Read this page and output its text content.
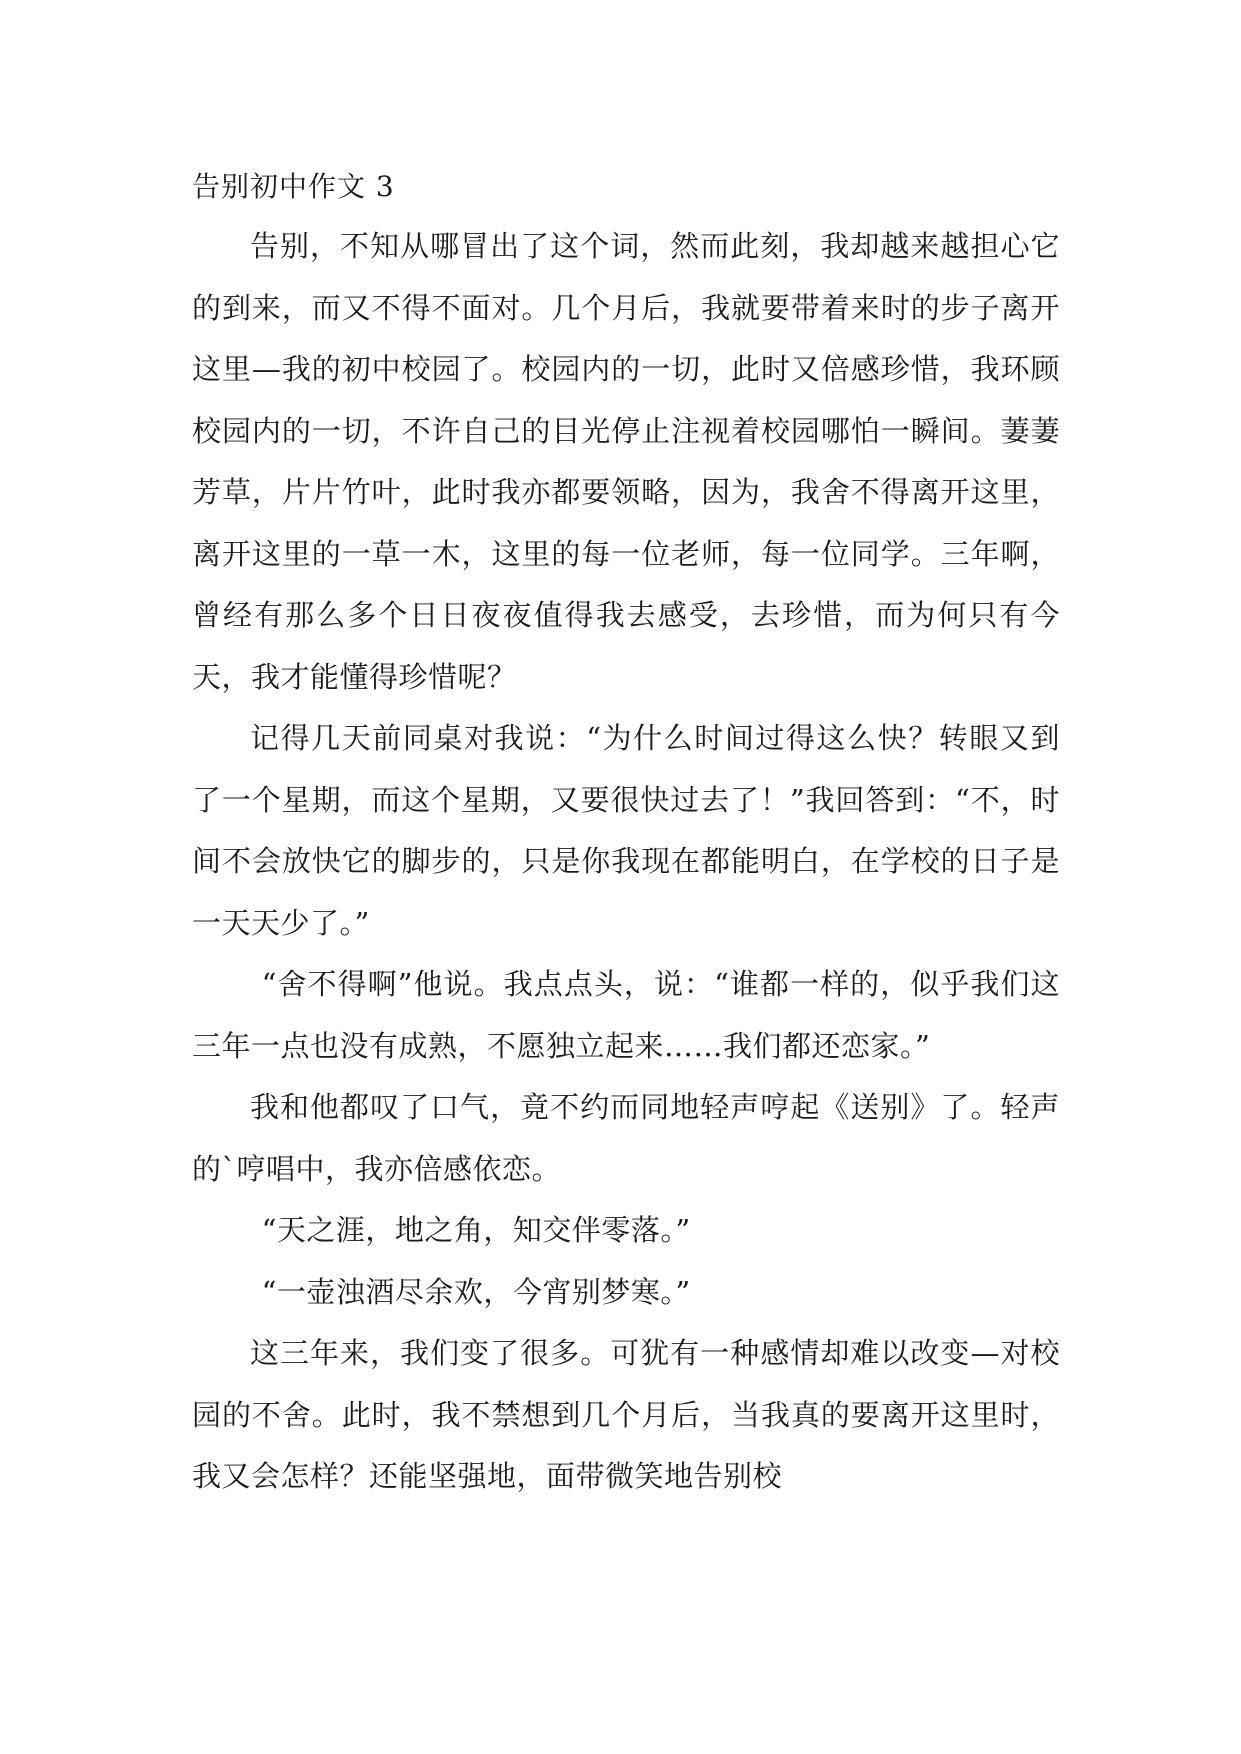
告别初中作文 3

告别，不知从哪冒出了这个词，然而此刻，我却越来越担心它的到来，而又不得不面对。几个月后，我就要带着来时的步子离开这里—我的初中校园了。校园内的一切，此时又倍感珍惜，我环顾校园内的一切，不许自己的目光停止注视着校园哪怕一瞬间。萋萋芳草，片片竹叶，此时我亦都要领略，因为，我舍不得离开这里，离开这里的一草一木，这里的每一位老师，每一位同学。三年啊，曾经有那么多个日日夜夜值得我去感受，去珍惜，而为何只有今天，我才能懂得珍惜呢？

记得几天前同桌对我说：“为什么时间过得这么快？转眼又到了一个星期，而这个星期，又要很快过去了！”我回答到：“不，时间不会放快它的脚步的，只是你我现在都能明白，在学校的日子是一天天少了。”

“舍不得啊”他说。我点点头，说：“谁都一样的，似乎我们这三年一点也没有成熟，不愿独立起来……我们都还恋家。”

我和他都叹了口气，竟不约而同地轻声哼起《送别》了。轻声的`哼唱中，我亦倍感依恋。

“天之涯，地之角，知交伴零落。”

“一壶浊酒尽余欢，今宵别梦寒。”

这三年来，我们变了很多。可犹有一种感情却难以改变—对校园的不舍。此时，我不禁想到几个月后，当我真的要离开这里时，我又会怎样？还能坚强地，面带微笑地告别校
